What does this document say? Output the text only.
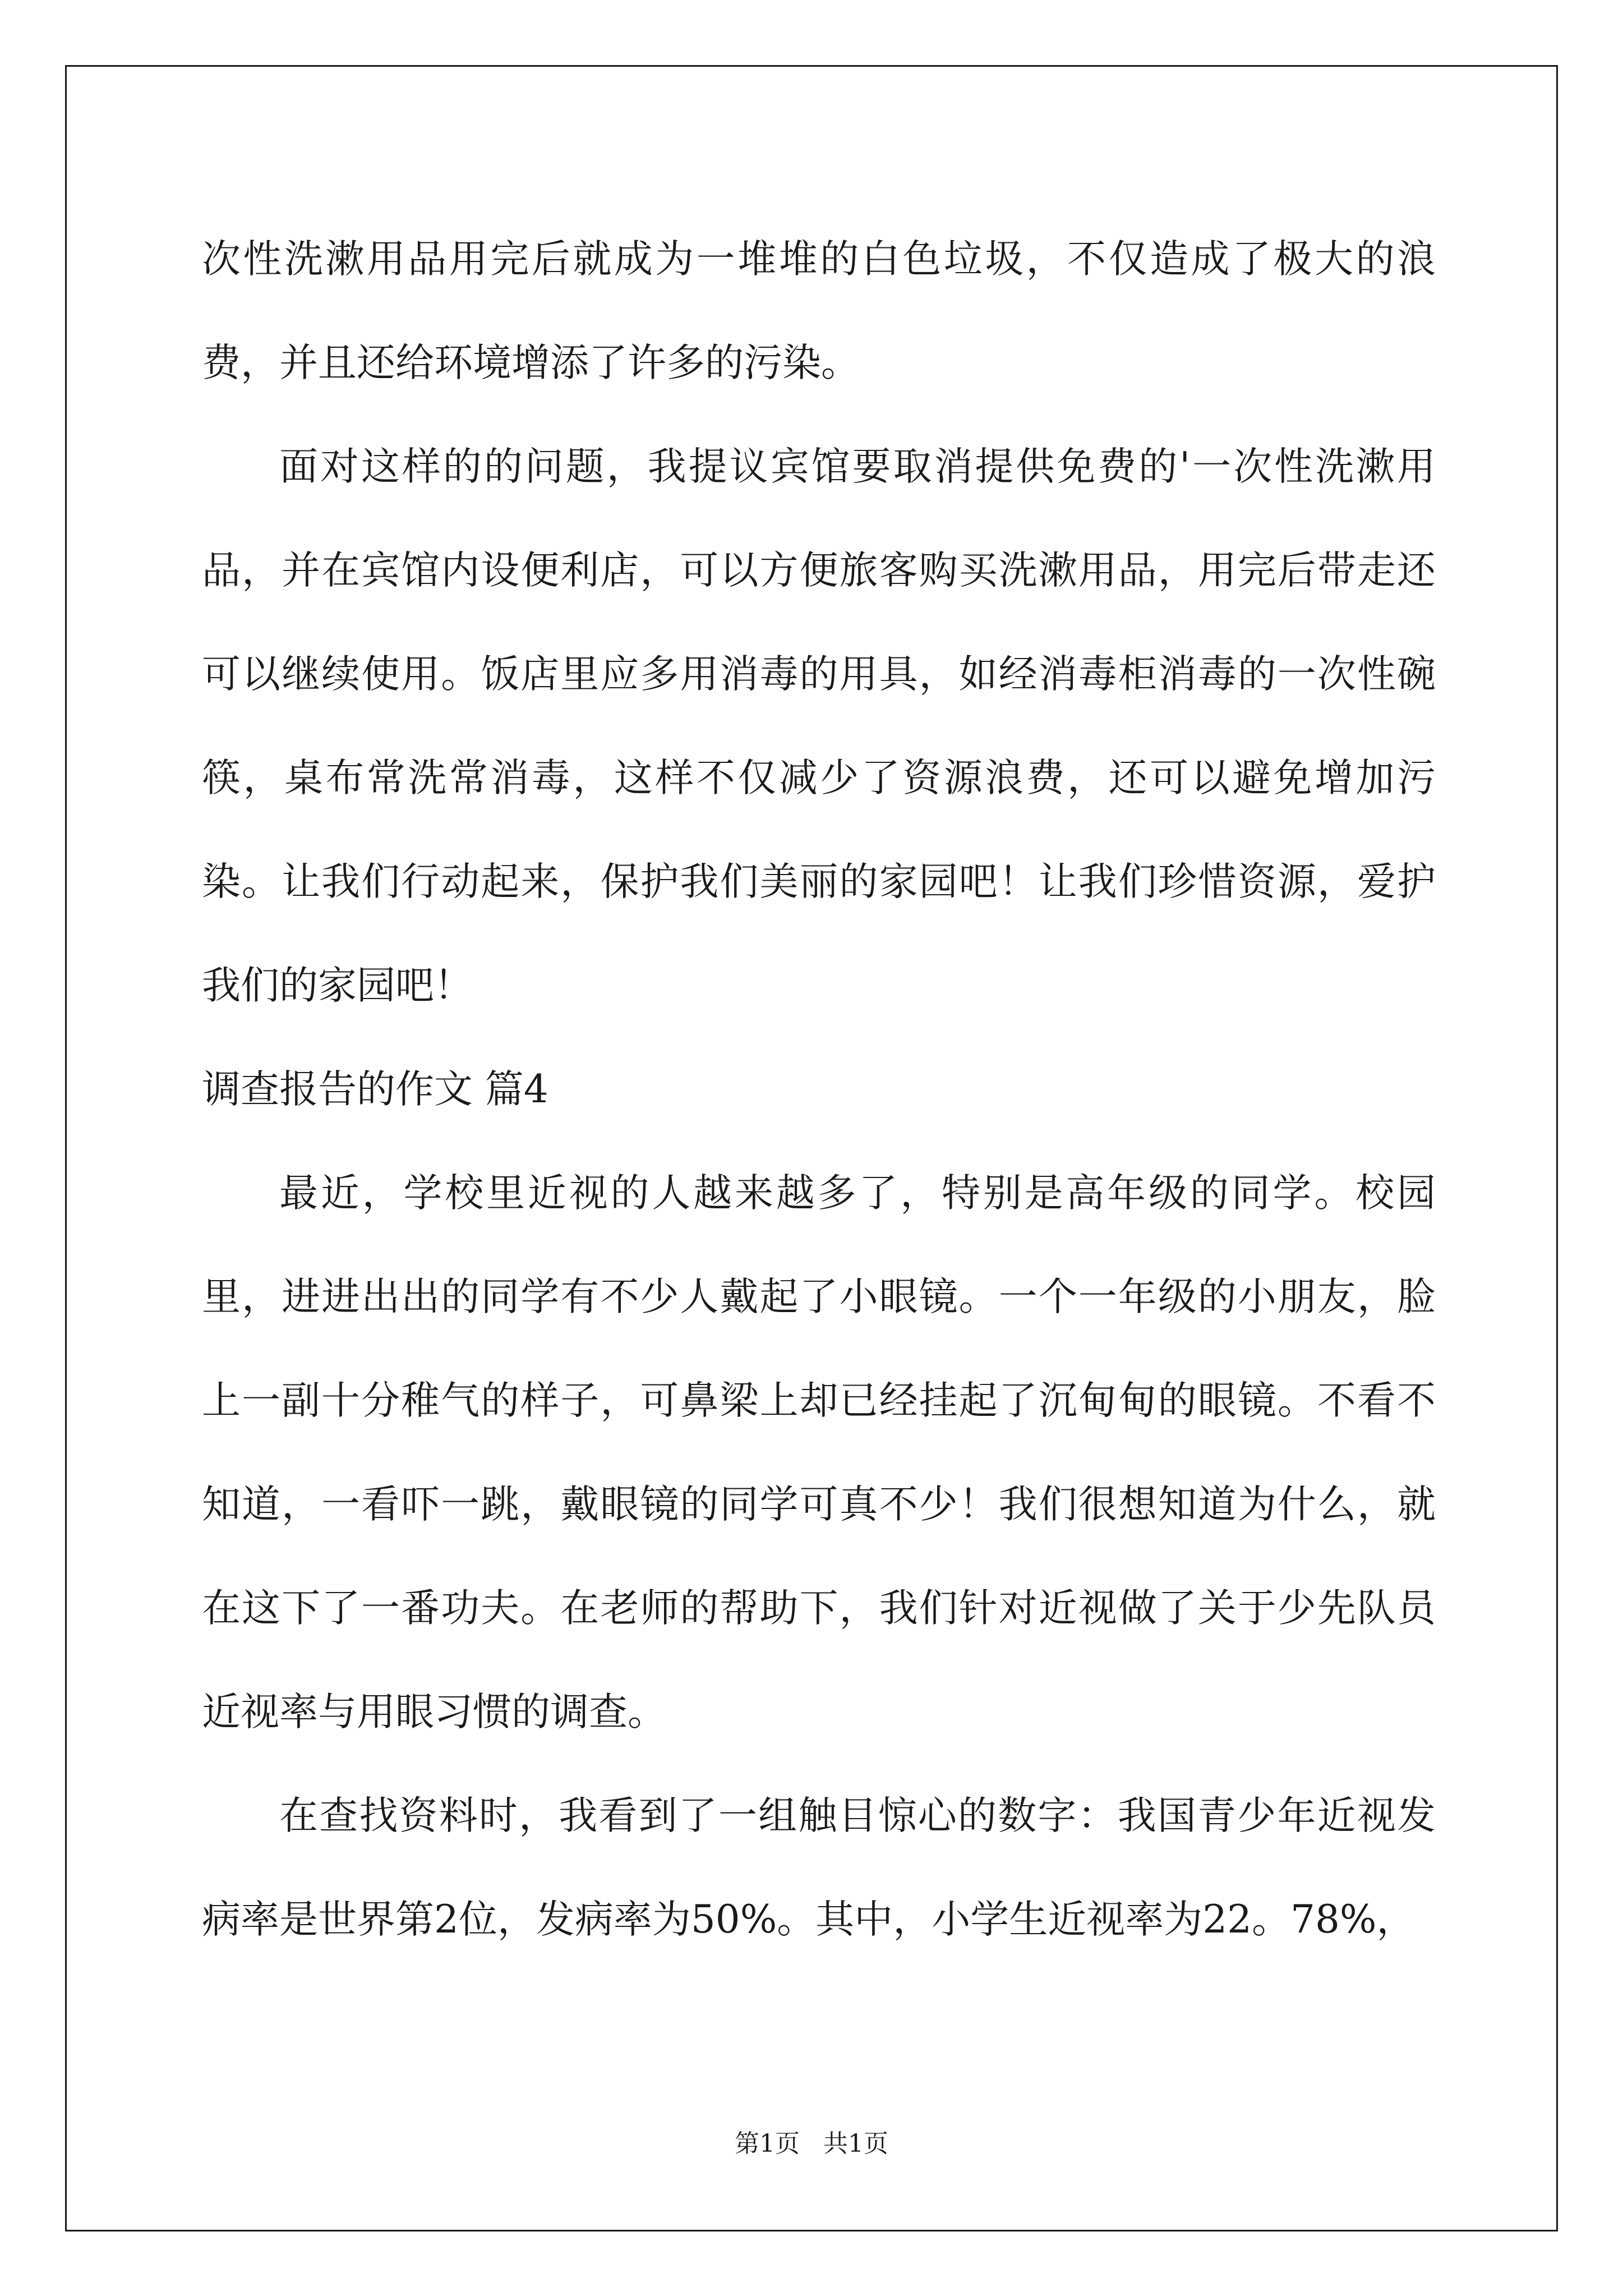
次性洗漱用品用完后就成为一堆堆的白色垃圾，不仅造成了极大的浪费，并且还给环境增添了许多的污染。

面对这样的的问题，我提议宾馆要取消提供免费的'一次性洗漱用品，并在宾馆内设便利店，可以方便旅客购买洗漱用品，用完后带走还可以继续使用。饭店里应多用消毒的用具，如经消毒柜消毒的一次性碗筷，桌布常洗常消毒，这样不仅减少了资源浪费，还可以避免增加污染。让我们行动起来，保护我们美丽的家园吧！让我们珍惜资源，爱护我们的家园吧！

调查报告的作文 篇4

最近，学校里近视的人越来越多了，特别是高年级的同学。校园里，进进出出的同学有不少人戴起了小眼镜。一个一年级的小朋友，脸上一副十分稚气的样子，可鼻梁上却已经挂起了沉甸甸的眼镜。不看不知道，一看吓一跳，戴眼镜的同学可真不少！我们很想知道为什么，就在这下了一番功夫。在老师的帮助下，我们针对近视做了关于少先队员近视率与用眼习惯的调查。

在查找资料时，我看到了一组触目惊心的数字：我国青少年近视发病率是世界第2位，发病率为50%。其中，小学生近视率为22。78%，

第1页   共1页
